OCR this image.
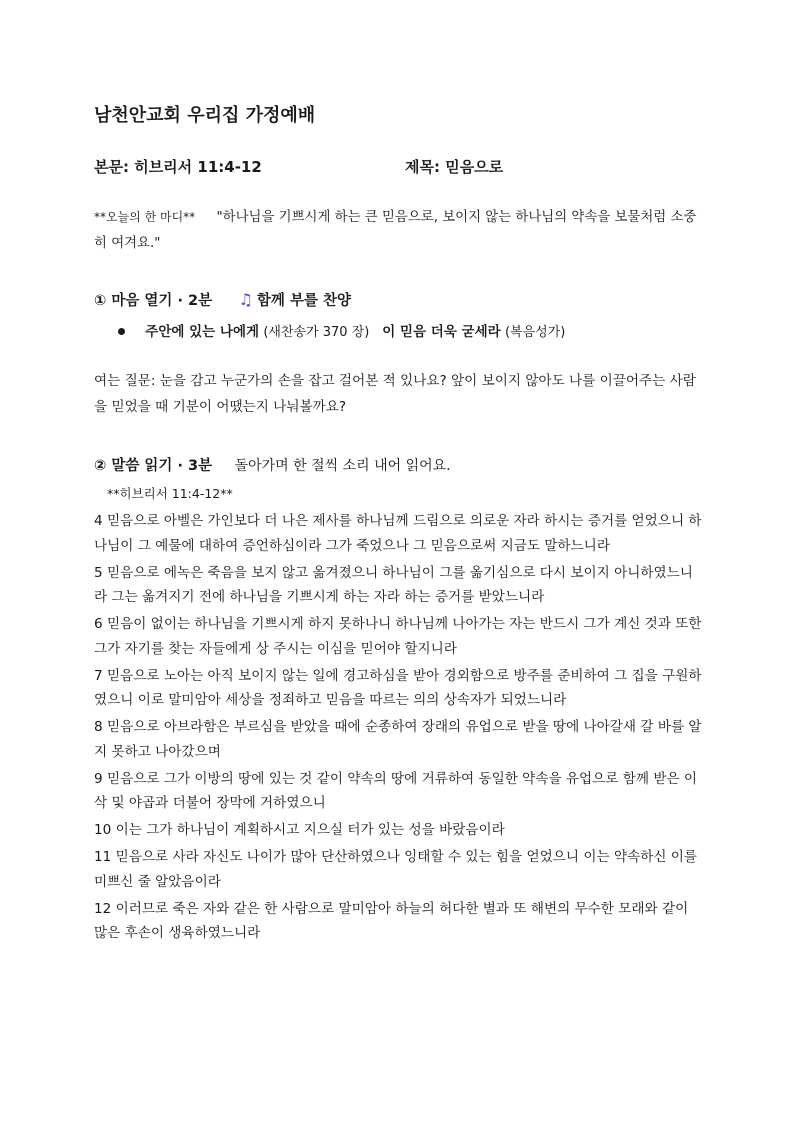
남천안교회 우리집 가정예배
본문: 히브리서 11:4-12	제목: 믿음으로
**오늘의 한 마디** "하나님을 기쁘시게 하는 큰 믿음으로, 보이지 않는 하나님의 약속을 보물처럼 소중히 여겨요."
① 마음 열기 · 2분 ♫ 함께 부를 찬양
주안에 있는 나에게 (새찬송가 370 장) 이 믿음 더욱 굳세라 (복음성가)
여는 질문: 눈을 감고 누군가의 손을 잡고 걸어본 적 있나요? 앞이 보이지 않아도 나를 이끌어주는 사람을 믿었을 때 기분이 어땠는지 나눠볼까요?
② 말씀 읽기 · 3분 돌아가며 한 절씩 소리 내어 읽어요.
**히브리서 11:4-12**

4 믿음으로 아벨은 가인보다 더 나은 제사를 하나님께 드림으로 의로운 자라 하시는 증거를 얻었으니 하나님이 그 예물에 대하여 증언하심이라 그가 죽었으나 그 믿음으로써 지금도 말하느니라

5 믿음으로 에녹은 죽음을 보지 않고 옮겨졌으니 하나님이 그를 옮기심으로 다시 보이지 아니하였느니라 그는 옮겨지기 전에 하나님을 기쁘시게 하는 자라 하는 증거를 받았느니라

6 믿음이 없이는 하나님을 기쁘시게 하지 못하나니 하나님께 나아가는 자는 반드시 그가 계신 것과 또한 그가 자기를 찾는 자들에게 상 주시는 이심을 믿어야 할지니라

7 믿음으로 노아는 아직 보이지 않는 일에 경고하심을 받아 경외함으로 방주를 준비하여 그 집을 구원하였으니 이로 말미암아 세상을 정죄하고 믿음을 따르는 의의 상속자가 되었느니라

8 믿음으로 아브라함은 부르심을 받았을 때에 순종하여 장래의 유업으로 받을 땅에 나아갈새 갈 바를 알지 못하고 나아갔으며

9 믿음으로 그가 이방의 땅에 있는 것 같이 약속의 땅에 거류하여 동일한 약속을 유업으로 함께 받은 이삭 및 야곱과 더불어 장막에 거하였으니

10 이는 그가 하나님이 계획하시고 지으실 터가 있는 성을 바랐음이라

11 믿음으로 사라 자신도 나이가 많아 단산하였으나 잉태할 수 있는 힘을 얻었으니 이는 약속하신 이를 미쁘신 줄 알았음이라

12 이러므로 죽은 자와 같은 한 사람으로 말미암아 하늘의 허다한 별과 또 해변의 무수한 모래와 같이 많은 후손이 생육하였느니라
